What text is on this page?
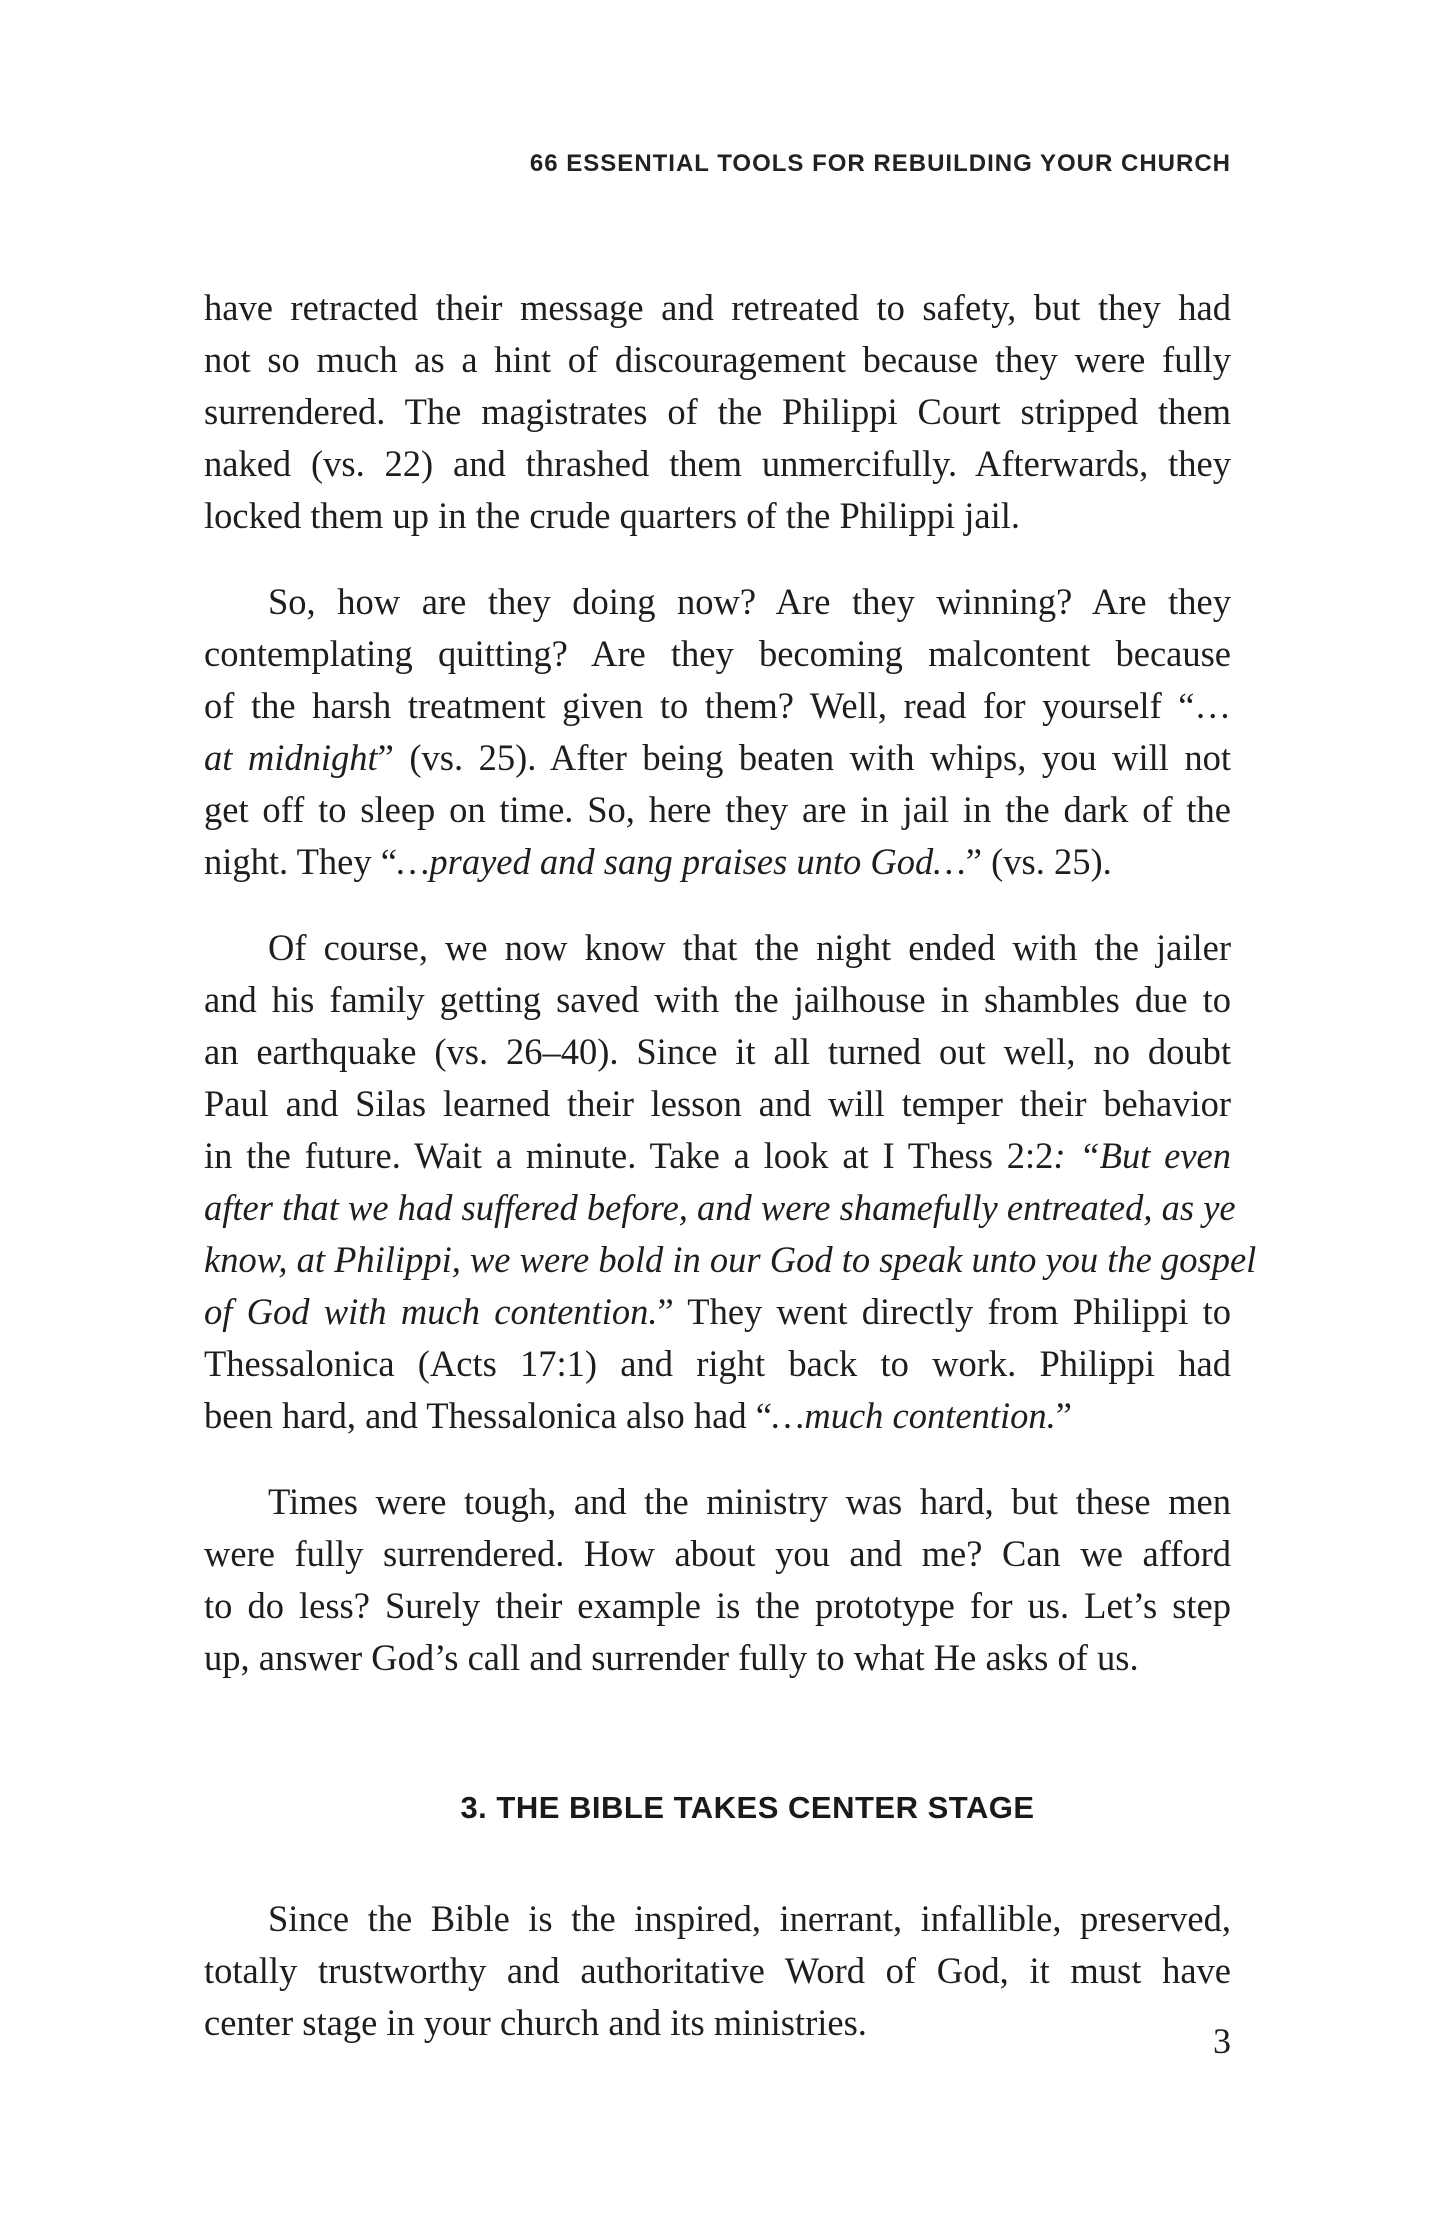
66 ESSENTIAL TOOLS FOR REBUILDING YOUR CHURCH

have retracted their message and retreated to safety, but they had
not so much as a hint of discouragement because they were fully
surrendered. The magistrates of the Philippi Court stripped them
naked (vs. 22) and thrashed them unmercifully. Afterwards, they
locked them up in the crude quarters of the Philippi jail.

So, how are they doing now? Are they winning? Are they
contemplating quitting? Are they becoming malcontent because
of the harsh treatment given to them? Well, read for yourself “…
at midnight” (vs. 25). After being beaten with whips, you will not
get off to sleep on time. So, here they are in jail in the dark of the
night. They “…prayed and sang praises unto God…” (vs. 25).

Of course, we now know that the night ended with the jailer
and his family getting saved with the jailhouse in shambles due to
an earthquake (vs. 26–40). Since it all turned out well, no doubt
Paul and Silas learned their lesson and will temper their behavior
in the future. Wait a minute. Take a look at I Thess 2:2: “But even
after that we had suffered before, and were shamefully entreated, as ye
know, at Philippi, we were bold in our God to speak unto you the gospel
of God with much contention.” They went directly from Philippi to
Thessalonica (Acts 17:1) and right back to work. Philippi had
been hard, and Thessalonica also had “…much contention.”

Times were tough, and the ministry was hard, but these men
were fully surrendered. How about you and me? Can we afford
to do less? Surely their example is the prototype for us. Let’s step
up, answer God’s call and surrender fully to what He asks of us.

3. THE BIBLE TAKES CENTER STAGE

Since the Bible is the inspired, inerrant, infallible, preserved,
totally trustworthy and authoritative Word of God, it must have
center stage in your church and its ministries.	3
